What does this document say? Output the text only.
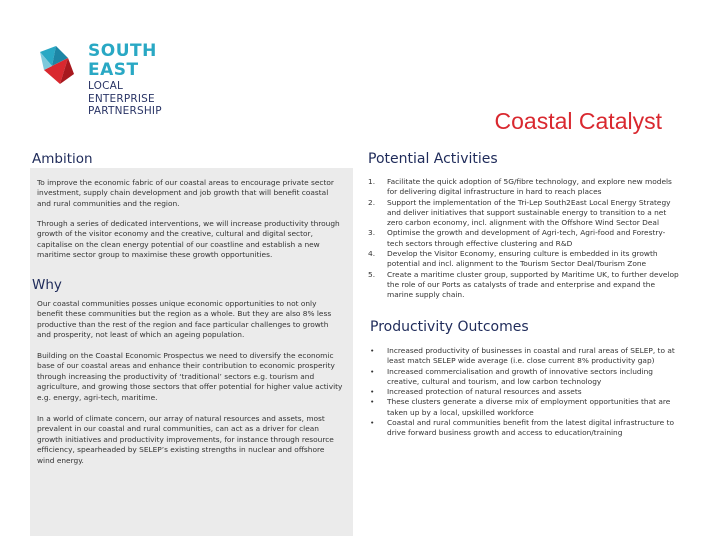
SOUTH EAST
LOCAL ENTERPRISE
PARTNERSHIP	Coastal Catalyst
Ambition

To improve the economic fabric of our coastal areas to encourage private sector investment, supply chain development and job growth that will benefit coastal and rural communities and the region.

Through a series of dedicated interventions, we will increase productivity through growth of the visitor economy and the creative, cultural and digital sector, capitalise on the clean energy potential of our coastline and establish a new maritime sector group to maximise these growth opportunities.

Why

Our coastal communities posses unique economic opportunities to not only benefit these communities but the region as a whole. But they are also 8% less productive than the rest of the region and face particular challenges to growth and prosperity, not least of which an ageing population.

Building on the Coastal Economic Prospectus we need to diversify the economic base of our coastal areas and enhance their contribution to economic prosperity through increasing the productivity of ‘traditional’ sectors e.g. tourism and agriculture, and growing those sectors that offer potential for higher value activity e.g. energy, agri-tech, maritime.

In a world of climate concern, our array of natural resources and assets, most prevalent in our coastal and rural communities, can act as a driver for clean growth initiatives and productivity improvements, for instance through resource efficiency, spearheaded by SELEP’s existing strengths in nuclear and offshore wind energy.

Potential Activities
1. Facilitate the quick adoption of 5G/fibre technology, and explore new models for delivering digital infrastructure in hard to reach places
2. Support the implementation of the Tri-Lep South2East Local Energy Strategy and deliver initiatives that support sustainable energy to transition to a net zero carbon economy, incl. alignment with the Offshore Wind Sector Deal
3. Optimise the growth and development of Agri-tech, Agri-food and Forestry-tech sectors through effective clustering and R&D
4. Develop the Visitor Economy, ensuring culture is embedded in its growth potential and incl. alignment to the Tourism Sector Deal/Tourism Zone
5. Create a maritime cluster group, supported by Maritime UK, to further develop the role of our Ports as catalysts of trade and enterprise and expand the marine supply chain.
Productivity Outcomes
• Increased productivity of businesses in coastal and rural areas of SELEP, to at least match SELEP wide average (i.e. close current 8% productivity gap)
• Increased commercialisation and growth of innovative sectors including creative, cultural and tourism, and low carbon technology
• Increased protection of natural resources and assets
• These clusters generate a diverse mix of employment opportunities that are taken up by a local, upskilled workforce
• Coastal and rural communities benefit from the latest digital infrastructure to drive forward business growth and access to education/training
